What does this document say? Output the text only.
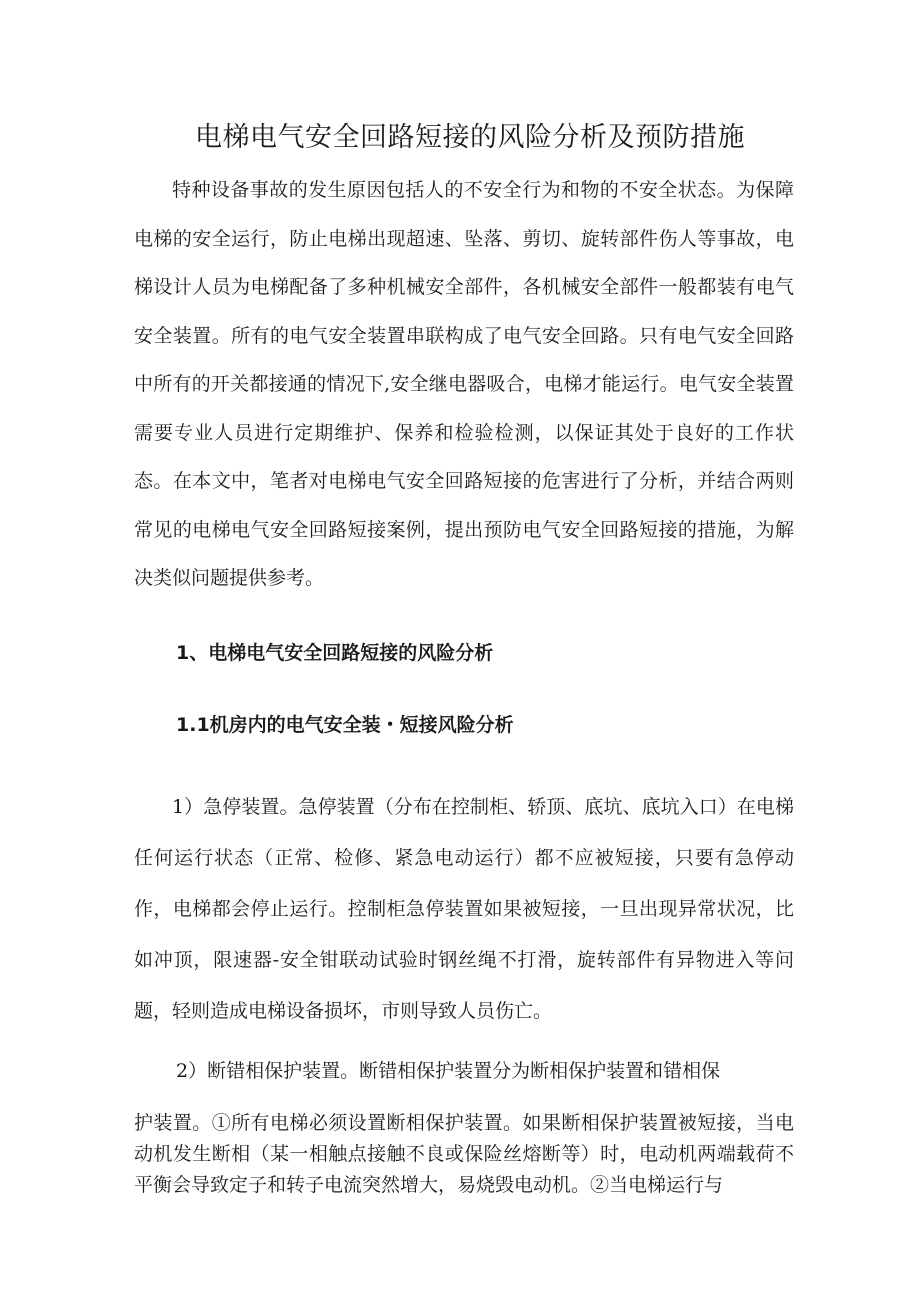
电梯电气安全回路短接的风险分析及预防措施

特种设备事故的发生原因包括人的不安全行为和物的不安全状态。为保障电梯的安全运行，防止电梯出现超速、坠落、剪切、旋转部件伤人等事故，电梯设计人员为电梯配备了多种机械安全部件，各机械安全部件一般都装有电气安全装置。所有的电气安全装置串联构成了电气安全回路。只有电气安全回路中所有的开关都接通的情况下,安全继电器吸合，电梯才能运行。电气安全装置需要专业人员进行定期维护、保养和检验检测，以保证其处于良好的工作状态。在本文中，笔者对电梯电气安全回路短接的危害进行了分析，并结合两则常见的电梯电气安全回路短接案例，提出预防电气安全回路短接的措施，为解决类似问题提供参考。

1、电梯电气安全回路短接的风险分析
1.1机房内的电气安全装・短接风险分析

1）急停装置。急停装置（分布在控制柜、轿顶、底坑、底坑入口）在电梯任何运行状态（正常、检修、紧急电动运行）都不应被短接，只要有急停动作，电梯都会停止运行。控制柜急停装置如果被短接，一旦出现异常状况，比如冲顶，限速器-安全钳联动试验时钢丝绳不打滑，旋转部件有异物进入等问题，轻则造成电梯设备损坏，市则导致人员伤亡。

2）断错相保护装置。断错相保护装置分为断相保护装置和错相保

护装置。①所有电梯必须设置断相保护装置。如果断相保护装置被短接，当电动机发生断相（某一相触点接触不良或保险丝熔断等）时，电动机两端载荷不平衡会导致定子和转子电流突然增大，易烧毁电动机。②当电梯运行与
